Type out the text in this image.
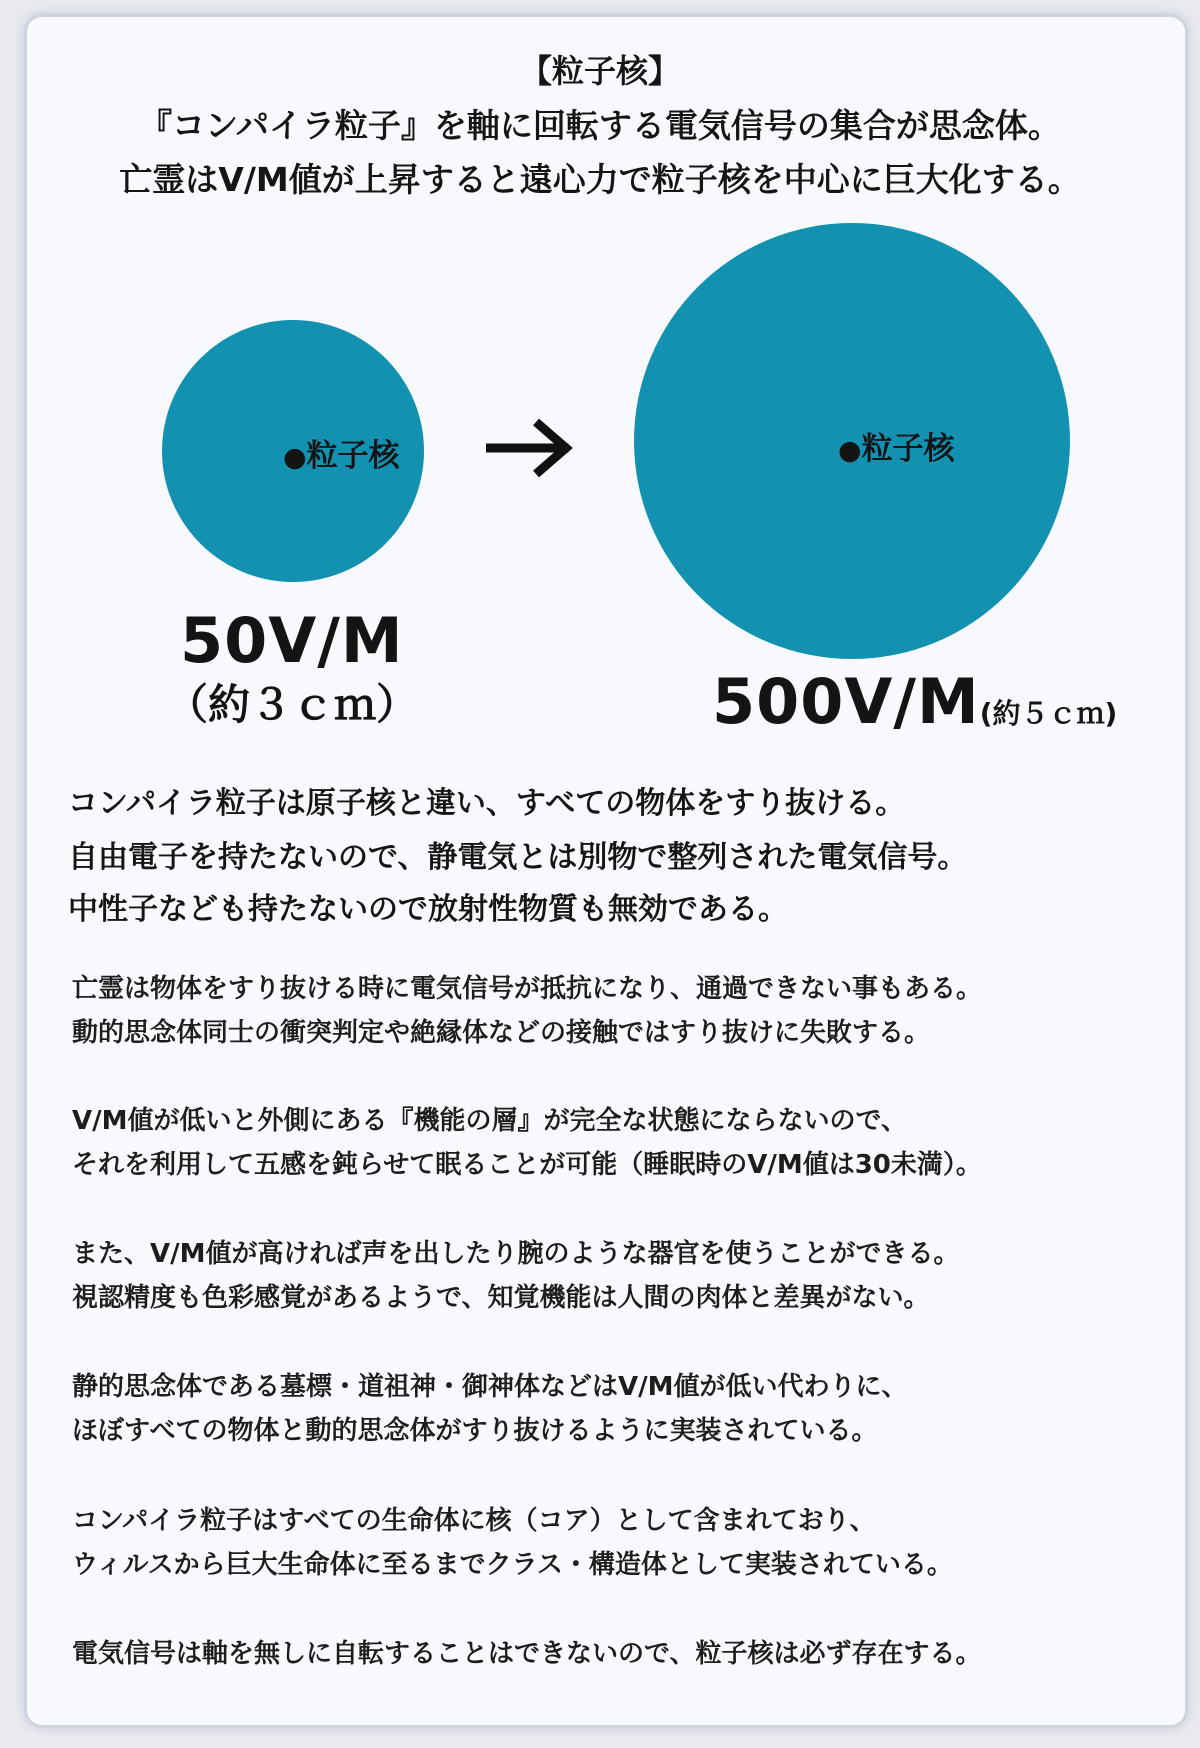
【粒子核】
『コンパイラ粒子』を軸に回転する電気信号の集合が思念体。
亡霊はV/M値が上昇すると遠心力で粒子核を中心に巨大化する。
●粒子核	●粒子核
50V/M
（約３ｃｍ）	500V/M(約５ｃｍ)
コンパイラ粒子は原子核と違い、すべての物体をすり抜ける。
自由電子を持たないので、静電気とは別物で整列された電気信号。
中性子なども持たないので放射性物質も無効である。
亡霊は物体をすり抜ける時に電気信号が抵抗になり、通過できない事もある。
動的思念体同士の衝突判定や絶縁体などの接触ではすり抜けに失敗する。
V/M値が低いと外側にある『機能の層』が完全な状態にならないので、
それを利用して五感を鈍らせて眠ることが可能（睡眠時のV/M値は30未満）。
また、V/M値が高ければ声を出したり腕のような器官を使うことができる。
視認精度も色彩感覚があるようで、知覚機能は人間の肉体と差異がない。
静的思念体である墓標・道祖神・御神体などはV/M値が低い代わりに、
ほぼすべての物体と動的思念体がすり抜けるように実装されている。
コンパイラ粒子はすべての生命体に核（コア）として含まれており、
ウィルスから巨大生命体に至るまでクラス・構造体として実装されている。
電気信号は軸を無しに自転することはできないので、粒子核は必ず存在する。
